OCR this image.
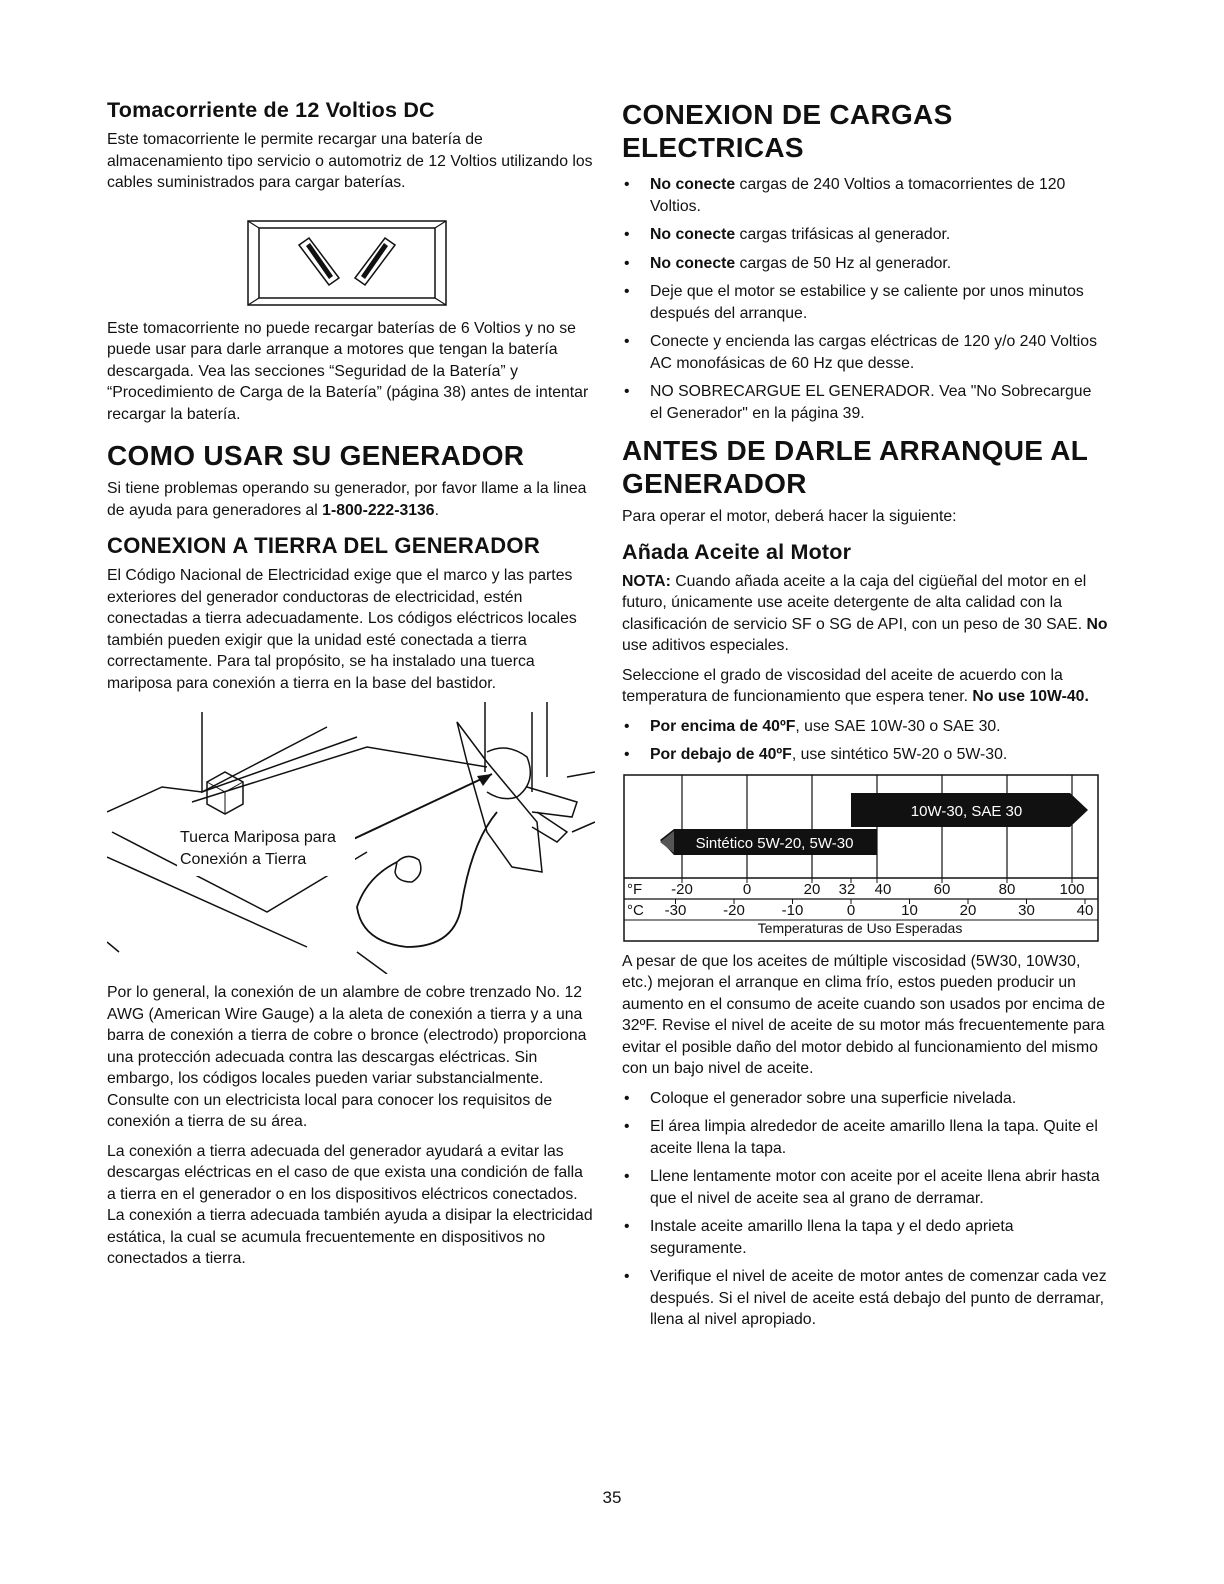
Tomacorriente de 12 Voltios DC

Este tomacorriente le permite recargar una batería de almacenamiento tipo servicio o automotriz de 12 Voltios utilizando los cables suministrados para cargar baterías.

Este tomacorriente no puede recargar baterías de 6 Voltios y no se puede usar para darle arranque a motores que tengan la batería descargada. Vea las secciones “Seguridad de la Batería” y “Procedimiento de Carga de la Batería” (página 38) antes de intentar recargar la batería.

COMO USAR SU GENERADOR

Si tiene problemas operando su generador, por favor llame a la linea de ayuda para generadores al 1-800-222-3136.

CONEXION A TIERRA DEL GENERADOR

El Código Nacional de Electricidad exige que el marco y las partes exteriores del generador conductoras de electricidad, estén conectadas a tierra adecuadamente. Los códigos eléctricos locales también pueden exigir que la unidad esté conectada a tierra correctamente. Para tal propósito, se ha instalado una tuerca mariposa para conexión a tierra en la base del bastidor.

Tuerca Mariposa para
Conexión a Tierra

Por lo general, la conexión de un alambre de cobre trenzado No. 12 AWG (American Wire Gauge) a la aleta de conexión a tierra y a una barra de conexión a tierra de cobre o bronce (electrodo) proporciona una protección adecuada contra las descargas eléctricas. Sin embargo, los códigos locales pueden variar substancialmente. Consulte con un electricista local para conocer los requisitos de conexión a tierra de su área.

La conexión a tierra adecuada del generador ayudará a evitar las descargas eléctricas en el caso de que exista una condición de falla a tierra en el generador o en los dispositivos eléctricos conectados. La conexión a tierra adecuada también ayuda a disipar la electricidad estática, la cual se acumula frecuentemente en dispositivos no conectados a tierra.

CONEXION DE CARGAS
ELECTRICAS
• No conecte cargas de 240 Voltios a tomacorrientes de 120 Voltios.
• No conecte cargas trifásicas al generador.
• No conecte cargas de 50 Hz al generador.
• Deje que el motor se estabilice y se caliente por unos minutos después del arranque.
• Conecte y encienda las cargas eléctricas de 120 y/o 240 Voltios AC monofásicas de 60 Hz que desse.
• NO SOBRECARGUE EL GENERADOR. Vea "No Sobrecargue el Generador" en la página 39.
ANTES DE DARLE ARRANQUE AL
GENERADOR

Para operar el motor, deberá hacer la siguiente:

Añada Aceite al Motor

NOTA: Cuando añada aceite a la caja del cigüeñal del motor en el futuro, únicamente use aceite detergente de alta calidad con la clasificación de servicio SF o SG de API, con un peso de 30 SAE. No use aditivos especiales.

Seleccione el grado de viscosidad del aceite de acuerdo con la temperatura de funcionamiento que espera tener. No use 10W-40.

• Por encima de 40ºF, use SAE 10W-30 o SAE 30.
• Por debajo de 40ºF, use sintético 5W-20 o 5W-30.
10W-30, SAE 30
Sintético 5W-20, 5W-30
°F
°C
-20	0	20 32 40	60	80	100
-30 -20 -10	0	10	20	30	40
Temperaturas de Uso Esperadas

A pesar de que los aceites de múltiple viscosidad (5W30, 10W30, etc.) mejoran el arranque en clima frío, estos pueden producir un aumento en el consumo de aceite cuando son usados por encima de 32ºF. Revise el nivel de aceite de su motor más frecuentemente para evitar el posible daño del motor debido al funcionamiento del mismo con un bajo nivel de aceite.

• Coloque el generador sobre una superficie nivelada.
• El área limpia alrededor de aceite amarillo llena la tapa. Quite el aceite llena la tapa.
• Llene lentamente motor con aceite por el aceite llena abrir hasta que el nivel de aceite sea al grano de derramar.
• Instale aceite amarillo llena la tapa y el dedo aprieta seguramente.
• Verifique el nivel de aceite de motor antes de comenzar cada vez después. Si el nivel de aceite está debajo del punto de derramar, llena al nivel apropiado.
35
